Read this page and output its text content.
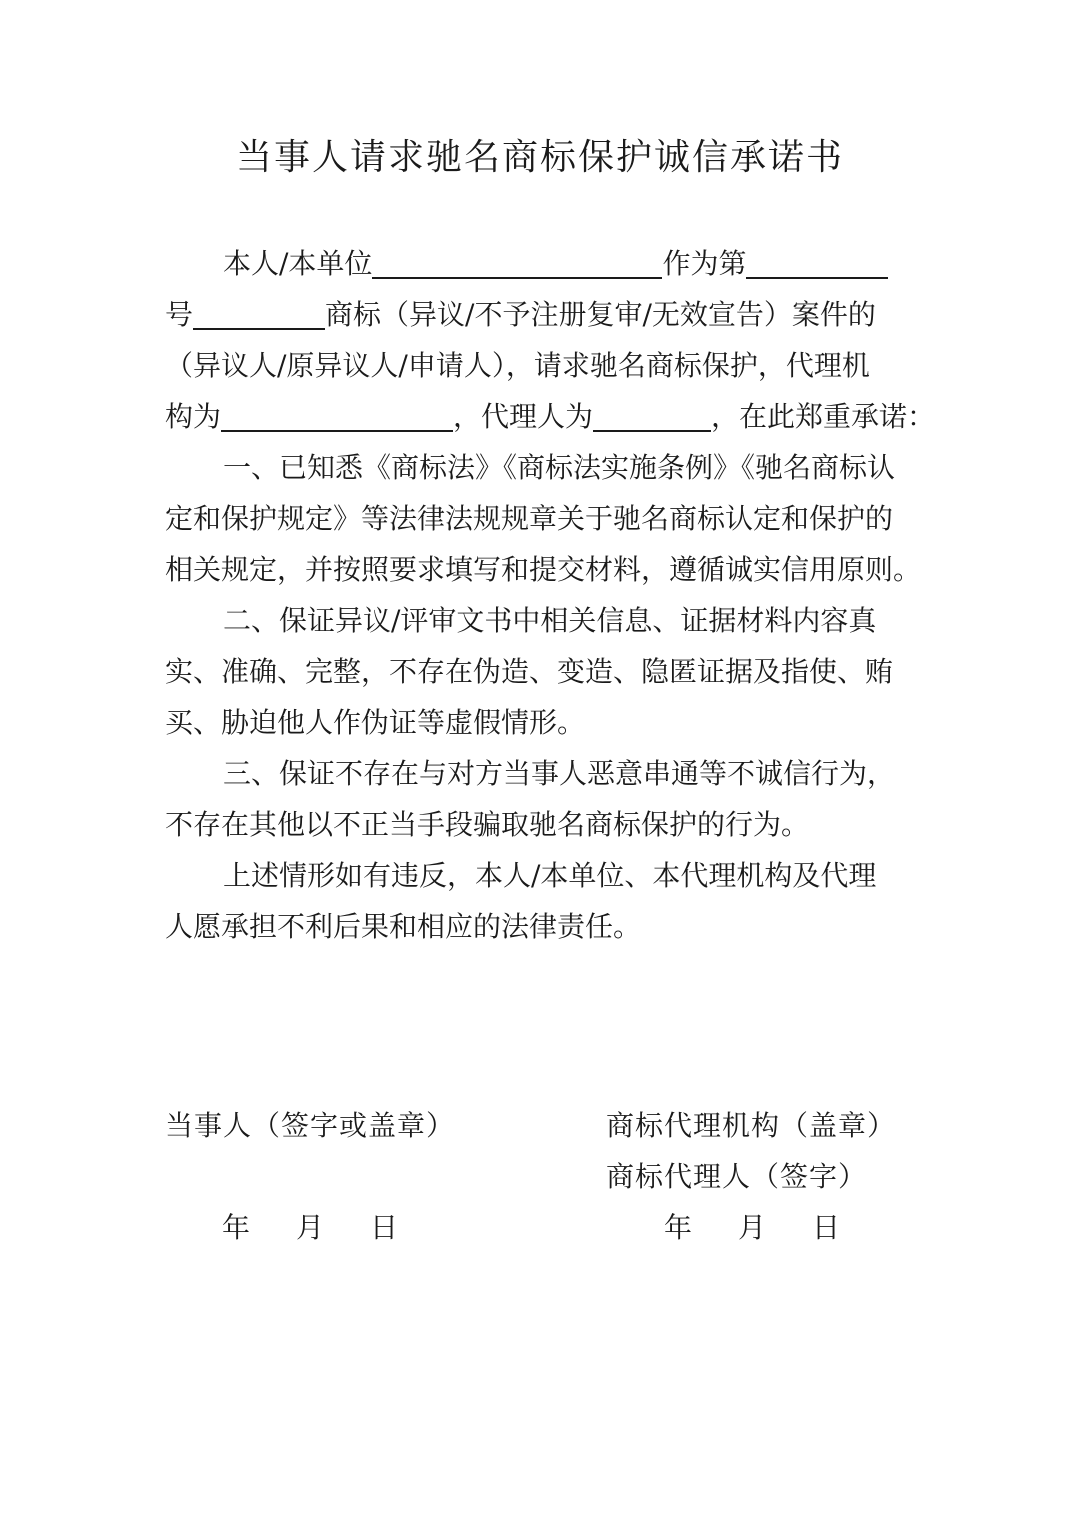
当事人请求驰名商标保护诚信承诺书
本人/本单位	作为第
号	商标（异议/不予注册复审/无效宣告）案件的
（异议人/原异议人/申请人），请求驰名商标保护，代理机
构为	，代理人为	，在此郑重承诺：
一、已知悉《商标法》《商标法实施条例》《驰名商标认
定和保护规定》等法律法规规章关于驰名商标认定和保护的
相关规定，并按照要求填写和提交材料，遵循诚实信用原则。
二、保证异议/评审文书中相关信息、证据材料内容真
实、准确、完整，不存在伪造、变造、隐匿证据及指使、贿
买、胁迫他人作伪证等虚假情形。
三、保证不存在与对方当事人恶意串通等不诚信行为，
不存在其他以不正当手段骗取驰名商标保护的行为。
上述情形如有违反，本人/本单位、本代理机构及代理
人愿承担不利后果和相应的法律责任。
当事人（签字或盖章）	商标代理机构（盖章）
商标代理人（签字）
年 月 日	年 月 日
